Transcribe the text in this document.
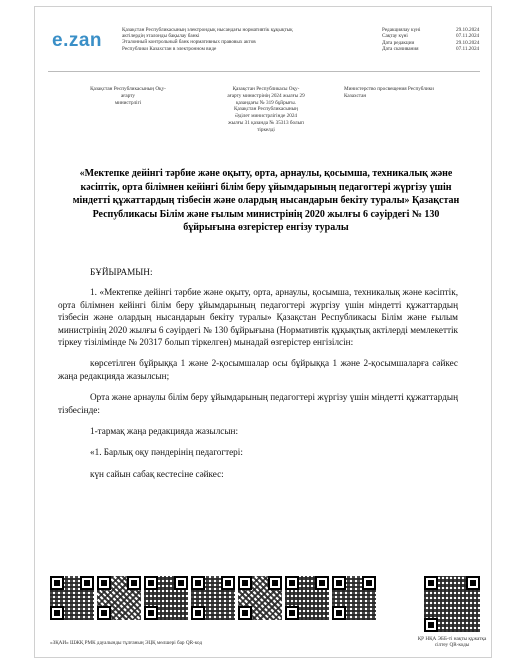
e.zan	Қазақстан Республикасының электрондық нысандағы нормативтік құқықтық
актілердің эталонды бақылау банкі
Эталонный контрольный банк нормативных правовых актов
Республики Казахстан в электронном виде
Редакциялау күні	29.10.2024
Сақтау күні	07.11.2024
Дата редакции	29.10.2024
Дата скачивания	07.11.2024
Қазақстан Республикасының Оқу-ағарту
министрлігі
Қазақстан Республикасы Оқу-
ағарту министрінің 2024 жылғы 29
қазандағы № 319 бұйрығы.
Қазақстан Республикасының
Әділет министрлігінде 2024
жылғы 31 қазанда № 35313 болып
тіркелді
Министерство просвещения Республики Казахстан
«Мектепке дейінгі тәрбие және оқыту, орта, арнаулы, қосымша, техникалық және кәсіптік, орта білімнен кейінгі білім беру ұйымдарының педагогтері жүргізу үшін міндетті құжаттардың тізбесін және олардың нысандарын бекіту туралы» Қазақстан Республикасы Білім және ғылым министрінің 2020 жылғы 6 сәуірдегі № 130 бұйрығына өзгерістер енгізу туралы

БҰЙЫРАМЫН:

1. «Мектепке дейінгі тәрбие және оқыту, орта, арнаулы, қосымша, техникалық және кәсіптік, орта білімнен кейінгі білім беру ұйымдарының педагогтері жүргізу үшін міндетті құжаттардың тізбесін және олардың нысандарын бекіту туралы» Қазақстан Республикасы Білім және ғылым министрінің 2020 жылғы 6 сәуірдегі № 130 бұйрығына (Нормативтік құқықтық актілерді мемлекеттік тіркеу тізілімінде № 20317 болып тіркелген) мынадай өзгерістер енгізілсін:

көрсетілген бұйрыққа 1 және 2-қосымшалар осы бұйрыққа 1 және 2-қосымшаларға сәйкес жаңа редакцияда жазылсын;

Орта және арнаулы білім беру ұйымдарының педагогтері жүргізу үшін міндетті құжаттардың тізбесінде:

1-тармақ жаңа редакцияда жазылсын:

«1. Барлық оқу пәндерінің педагогтері:

күн сайын сабақ кестесіне сәйкес:

«ЗҚАИ» ШЖҚ РМК дауалынды тұлғаның ЭЦҚ мөлшері бар QR-код
ҚР НҚА ЭББ-ті нақты құжатқа сілтеу QR-коды
